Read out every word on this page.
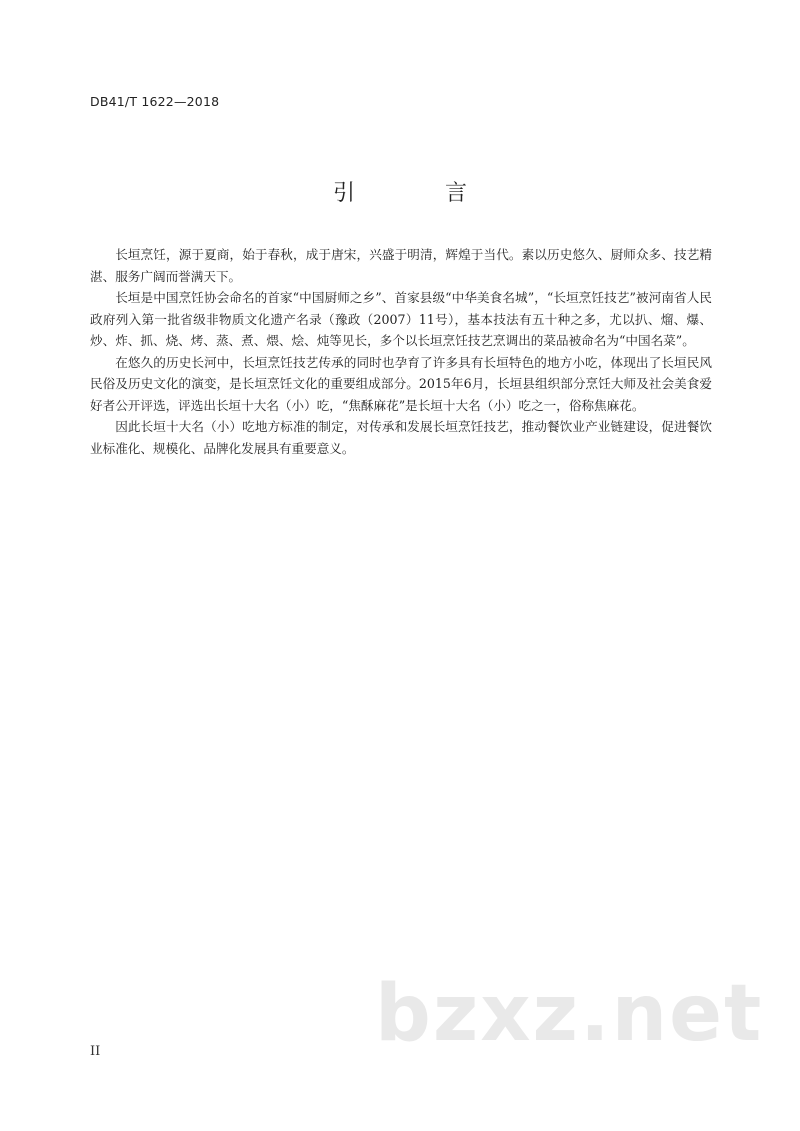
DB41/T 1622—2018
引　言

长垣烹饪，源于夏商，始于春秋，成于唐宋，兴盛于明清，辉煌于当代。素以历史悠久、厨师众多、技艺精湛、服务广阔而誉满天下。

长垣是中国烹饪协会命名的首家“中国厨师之乡”、首家县级“中华美食名城”，“长垣烹饪技艺”被河南省人民政府列入第一批省级非物质文化遗产名录（豫政（2007）11号），基本技法有五十种之多，尤以扒、熘、爆、炒、炸、抓、烧、烤、蒸、煮、煨、烩、炖等见长，多个以长垣烹饪技艺烹调出的菜品被命名为“中国名菜”。

在悠久的历史长河中，长垣烹饪技艺传承的同时也孕育了许多具有长垣特色的地方小吃，体现出了长垣民风民俗及历史文化的演变，是长垣烹饪文化的重要组成部分。2015年6月，长垣县组织部分烹饪大师及社会美食爱好者公开评选，评选出长垣十大名（小）吃，“焦酥麻花”是长垣十大名（小）吃之一，俗称焦麻花。

因此长垣十大名（小）吃地方标准的制定，对传承和发展长垣烹饪技艺，推动餐饮业产业链建设，促进餐饮业标准化、规模化、品牌化发展具有重要意义。

bzxz.net
II
